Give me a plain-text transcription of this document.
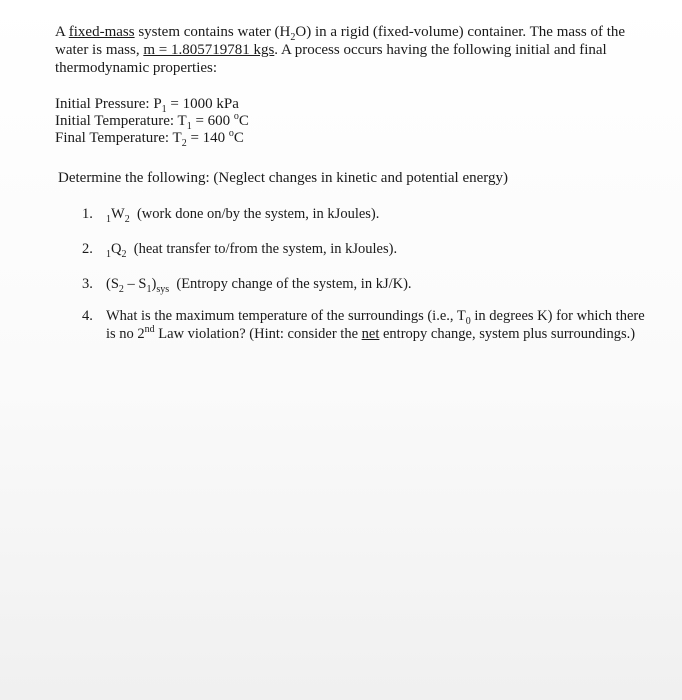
A fixed-mass system contains water $(H_2O)$ in a rigid (fixed-volume) container. The mass of the water is mass, m = 1.805719781 kgs. A process occurs having the following initial and final thermodynamic properties:
Initial Pressure: $P_1 = 1000$ kPa
Initial Temperature: $T_1 = 600$ $^o$C
Final Temperature: $T_2 = 140$ $^o$C
Determine the following: (Neglect changes in kinetic and potential energy)
1. $_1W_2$  (work done on/by the system, in kJoules).
2. $_1Q_2$  (heat transfer to/from the system, in kJoules).
3. $(S_2 - S_1)_{sys}$  (Entropy change of the system, in kJ/K).
4. What is the maximum temperature of the surroundings (i.e., $T_0$ in degrees K) for which there is no 2nd Law violation? (Hint: consider the net entropy change, system plus surroundings.)
